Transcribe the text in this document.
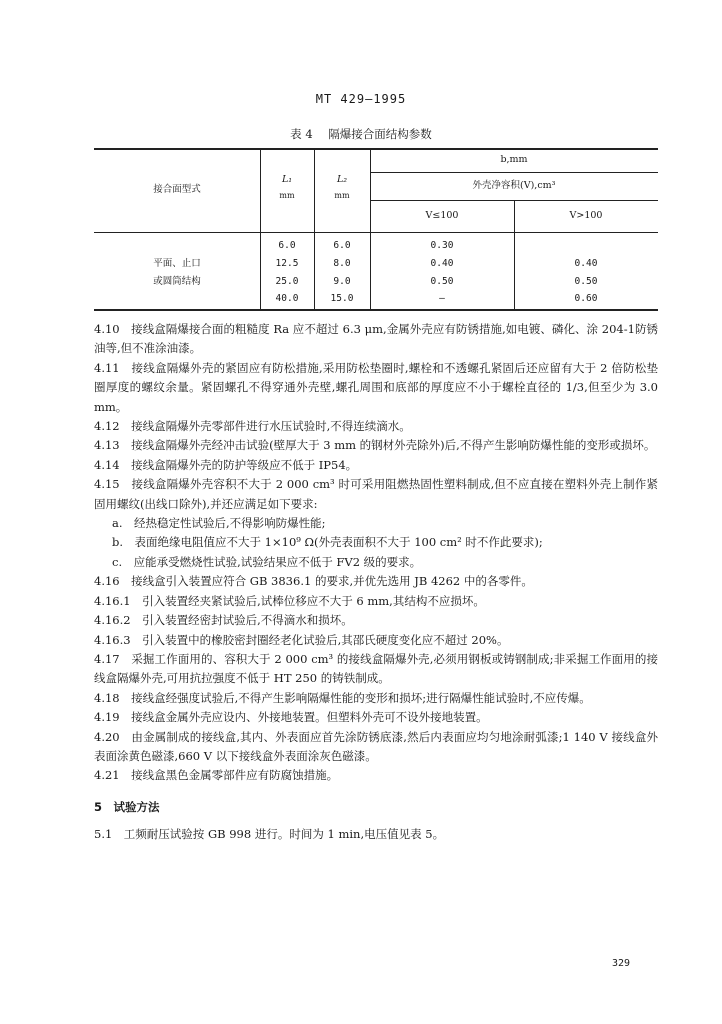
MT 429—1995
表 4 隔爆接合面结构参数
接合面型式
L₁
mm
L₂
mm
b,mm
外壳净容积(V),cm³
V≤100	V>100
平面、止口
或圆筒结构
6.0
12.5
25.0
40.0
6.0
8.0
9.0
15.0
0.30
0.40
0.50
—
0.40
0.50
0.60

4.10　接线盒隔爆接合面的粗糙度 Ra 应不超过 6.3 μm,金属外壳应有防锈措施,如电镀、磷化、涂 204-1防锈油等,但不准涂油漆。

4.11　接线盒隔爆外壳的紧固应有防松措施,采用防松垫圈时,螺栓和不透螺孔紧固后还应留有大于 2 倍防松垫圈厚度的螺纹余量。紧固螺孔不得穿通外壳壁,螺孔周围和底部的厚度应不小于螺栓直径的 1/3,但至少为 3.0 mm。

4.12　接线盒隔爆外壳零部件进行水压试验时,不得连续滴水。

4.13　接线盒隔爆外壳经冲击试验(壁厚大于 3 mm 的钢材外壳除外)后,不得产生影响防爆性能的变形或损坏。

4.14　接线盒隔爆外壳的防护等级应不低于 IP54。

4.15　接线盒隔爆外壳容积不大于 2 000 cm³ 时可采用阻燃热固性塑料制成,但不应直接在塑料外壳上制作紧固用螺纹(出线口除外),并还应满足如下要求:

a.　经热稳定性试验后,不得影响防爆性能;

b.　表面绝缘电阻值应不大于 1×10⁹ Ω(外壳表面积不大于 100 cm² 时不作此要求);

c.　应能承受燃烧性试验,试验结果应不低于 FV2 级的要求。

4.16　接线盒引入装置应符合 GB 3836.1 的要求,并优先选用 JB 4262 中的各零件。

4.16.1　引入装置经夹紧试验后,试棒位移应不大于 6 mm,其结构不应损坏。

4.16.2　引入装置经密封试验后,不得滴水和损坏。

4.16.3　引入装置中的橡胶密封圈经老化试验后,其邵氏硬度变化应不超过 20%。

4.17　采掘工作面用的、容积大于 2 000 cm³ 的接线盒隔爆外壳,必须用钢板或铸钢制成;非采掘工作面用的接线盒隔爆外壳,可用抗拉强度不低于 HT 250 的铸铁制成。

4.18　接线盒经强度试验后,不得产生影响隔爆性能的变形和损坏;进行隔爆性能试验时,不应传爆。

4.19　接线盒金属外壳应设内、外接地装置。但塑料外壳可不设外接地装置。

4.20　由金属制成的接线盒,其内、外表面应首先涂防锈底漆,然后内表面应均匀地涂耐弧漆;1 140 V 接线盒外表面涂黄色磁漆,660 V 以下接线盒外表面涂灰色磁漆。

4.21　接线盒黑色金属零部件应有防腐蚀措施。

5　试验方法

5.1　工频耐压试验按 GB 998 进行。时间为 1 min,电压值见表 5。

329
